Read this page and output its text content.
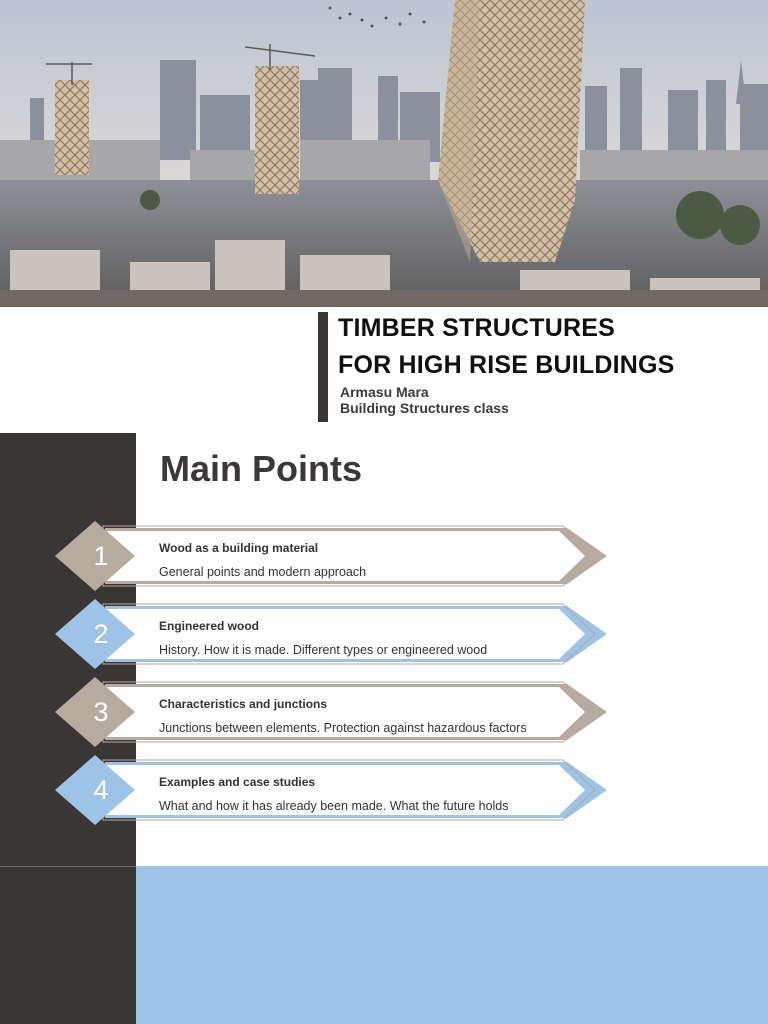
TIMBER STRUCTURES
FOR HIGH RISE BUILDINGS
Armasu Mara
Building Structures class
Main Points
1	Wood as a building material
General points and modern approach
2	Engineered wood
History. How it is made. Different types or engineered wood
3	Characteristics and junctions
Junctions between elements. Protection against hazardous factors
4	Examples and case studies
What and how it has already been made. What the future holds
